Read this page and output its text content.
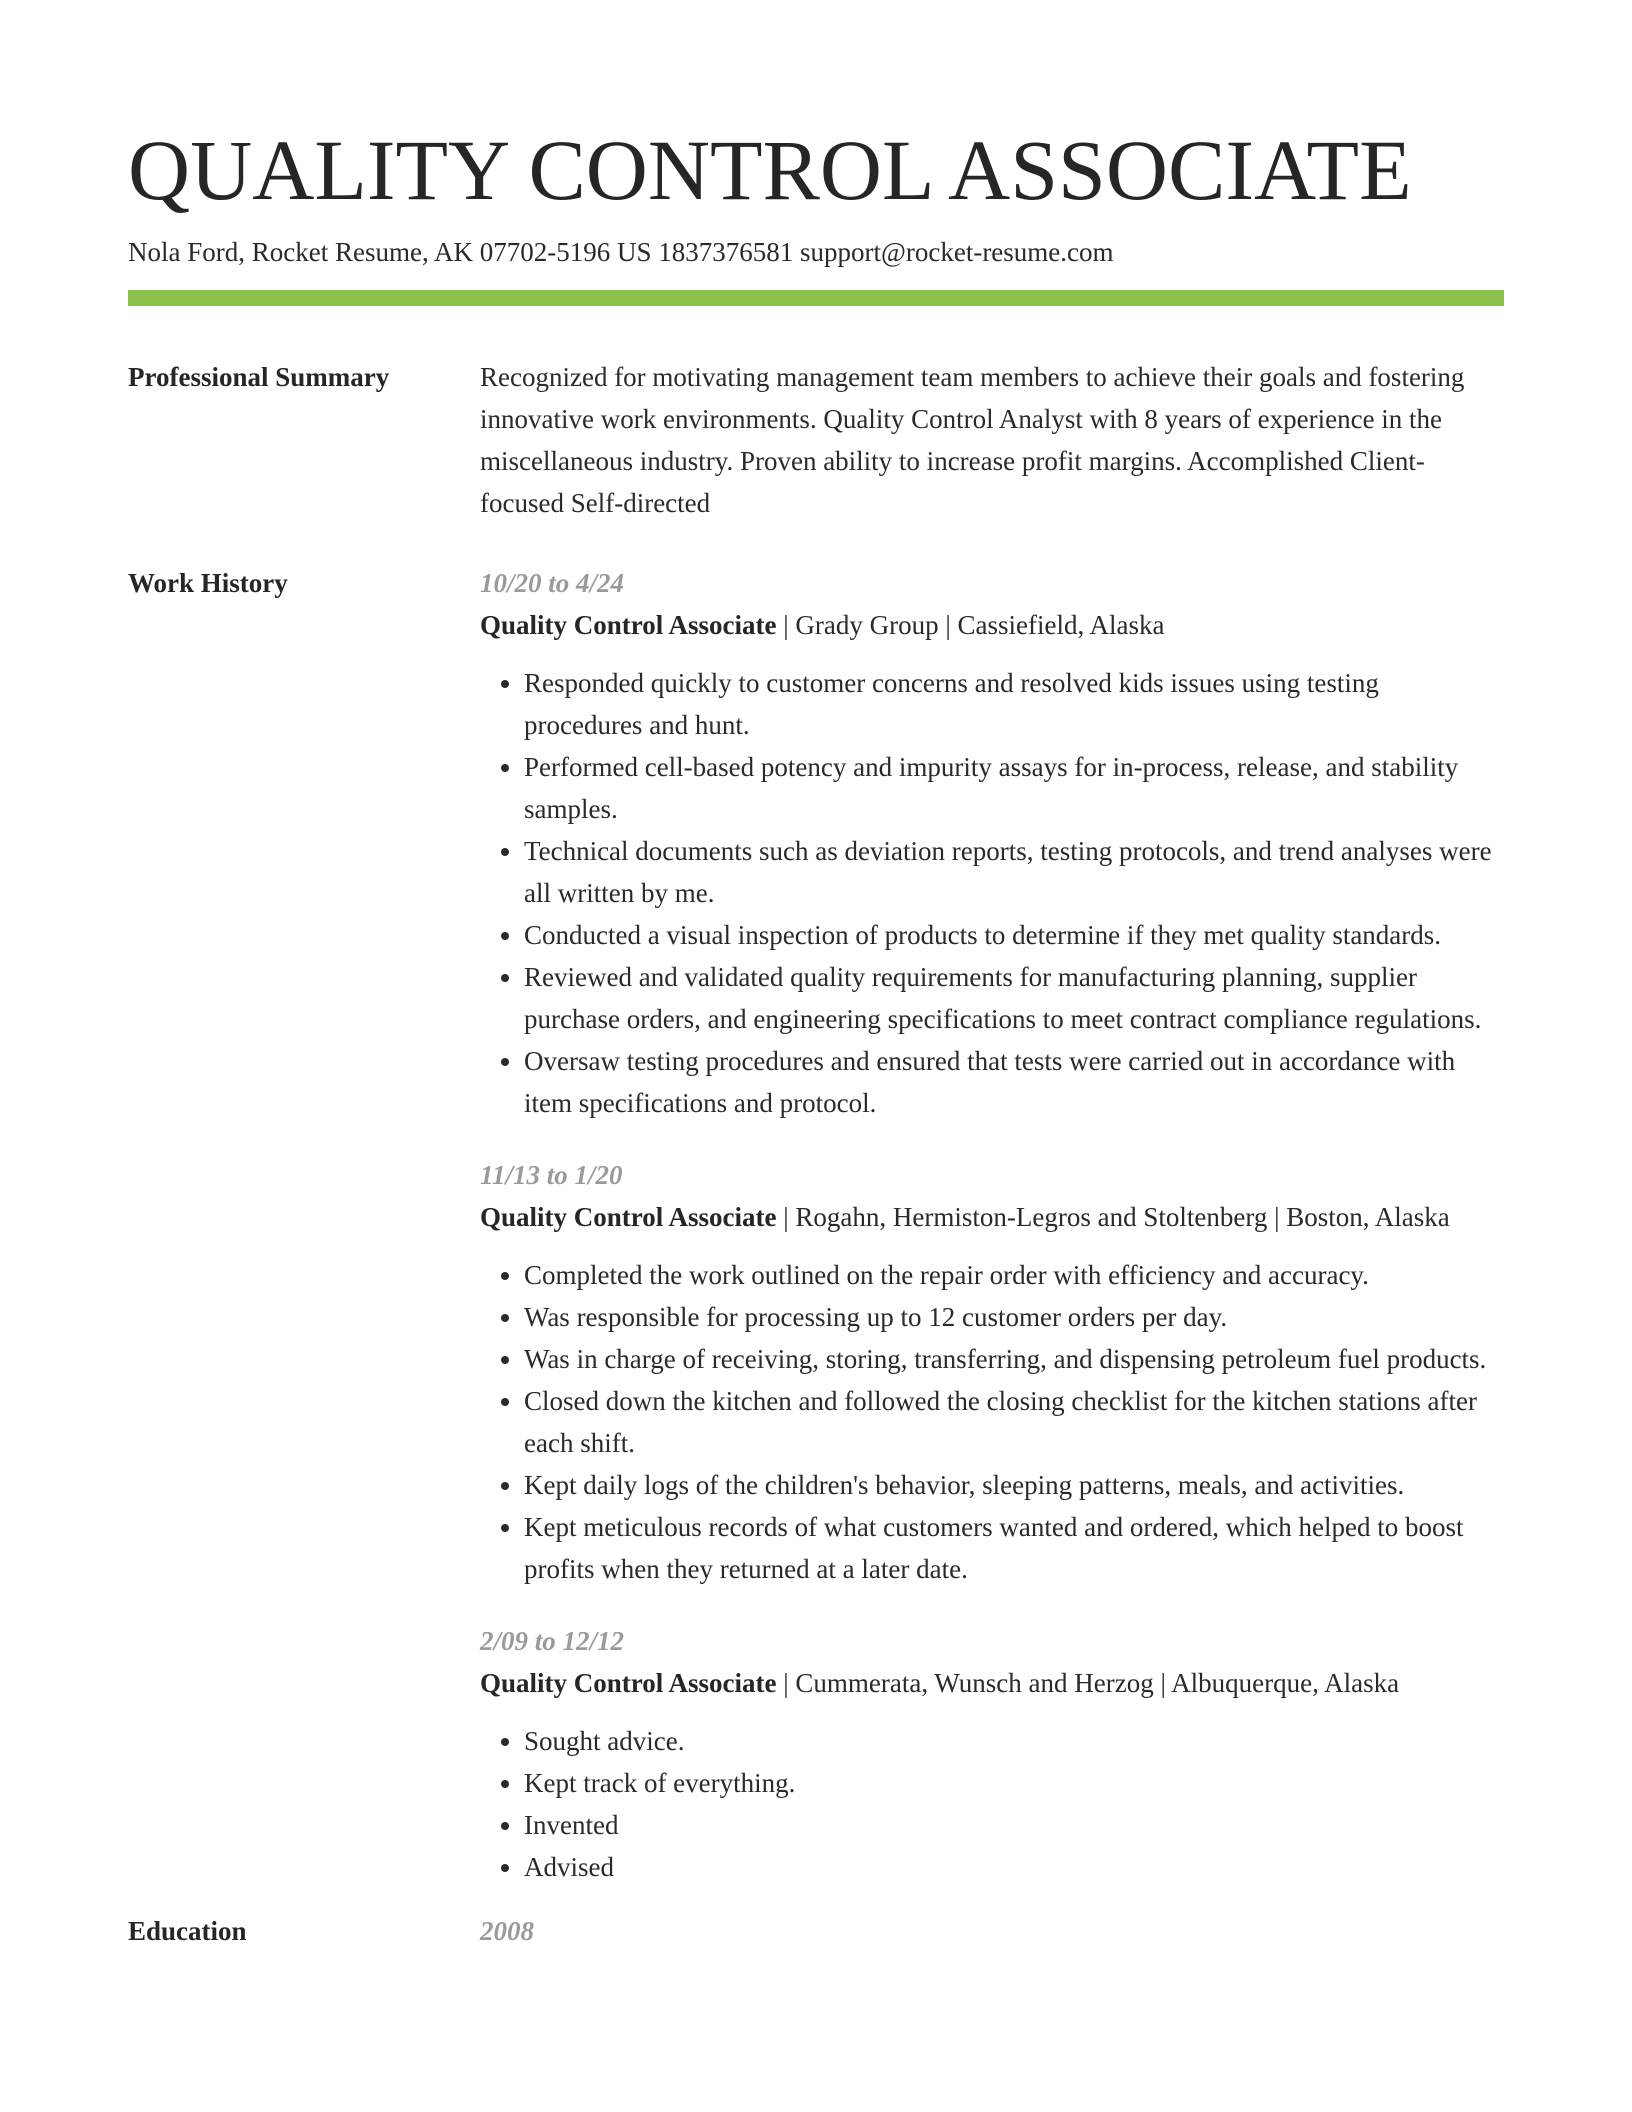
QUALITY CONTROL ASSOCIATE
Nola Ford, Rocket Resume, AK 07702-5196 US 1837376581 support@rocket-resume.com
Professional Summary	Recognized for motivating management team members to achieve their goals and fostering innovative work environments. Quality Control Analyst with 8 years of experience in the miscellaneous industry. Proven ability to increase profit margins. Accomplished Client-focused Self-directed

Work History	10/20 to 4/24

Quality Control Associate | Grady Group | Cassiefield, Alaska

• Responded quickly to customer concerns and resolved kids issues using testing procedures and hunt.
• Performed cell-based potency and impurity assays for in-process, release, and stability samples.
• Technical documents such as deviation reports, testing protocols, and trend analyses were all written by me.
• Conducted a visual inspection of products to determine if they met quality standards.
• Reviewed and validated quality requirements for manufacturing planning, supplier purchase orders, and engineering specifications to meet contract compliance regulations.
• Oversaw testing procedures and ensured that tests were carried out in accordance with item specifications and protocol.
11/13 to 1/20

Quality Control Associate | Rogahn, Hermiston-Legros and Stoltenberg | Boston, Alaska

• Completed the work outlined on the repair order with efficiency and accuracy.
• Was responsible for processing up to 12 customer orders per day.
• Was in charge of receiving, storing, transferring, and dispensing petroleum fuel products.
• Closed down the kitchen and followed the closing checklist for the kitchen stations after each shift.
• Kept daily logs of the children's behavior, sleeping patterns, meals, and activities.
• Kept meticulous records of what customers wanted and ordered, which helped to boost profits when they returned at a later date.
2/09 to 12/12

Quality Control Associate | Cummerata, Wunsch and Herzog | Albuquerque, Alaska

• Sought advice.
• Kept track of everything.
• Invented
• Advised
Education	2008
